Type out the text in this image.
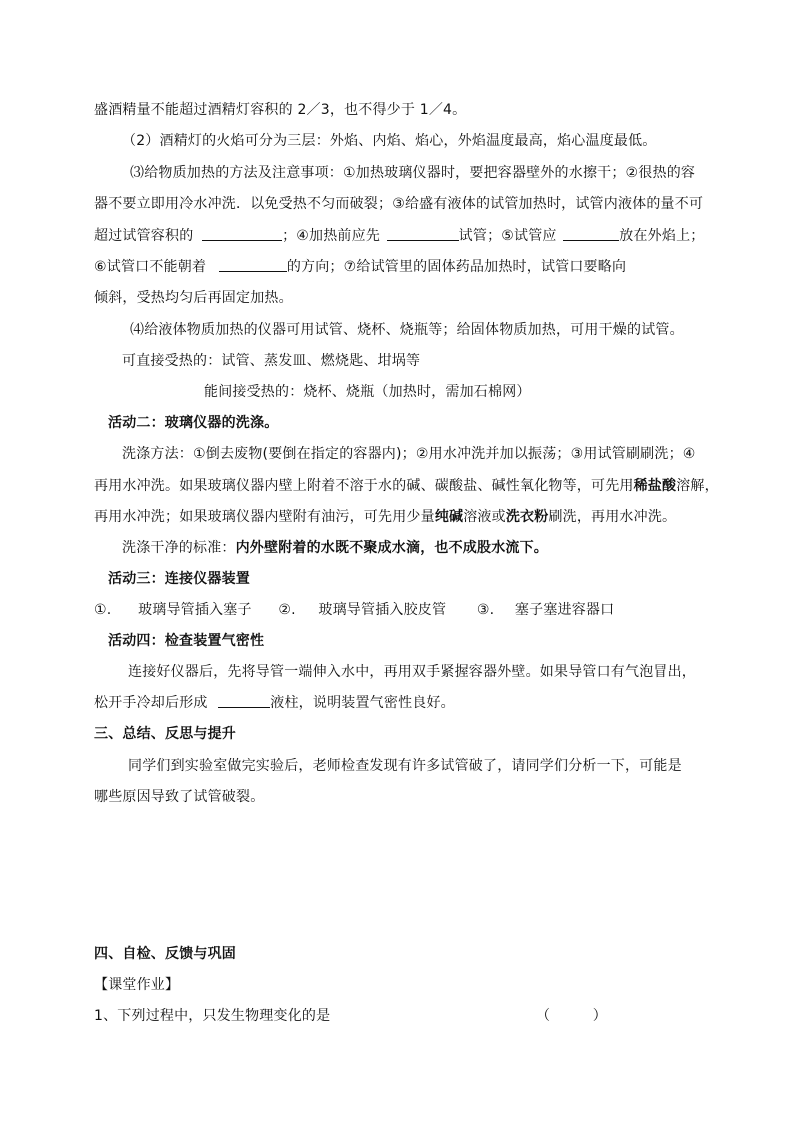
盛酒精量不能超过酒精灯容积的 2／3，也不得少于 1／4。
（2）酒精灯的火焰可分为三层：外焰、内焰、焰心，外焰温度最高，焰心温度最低。
⑶给物质加热的方法及注意事项：①加热玻璃仪器时，要把容器壁外的水擦干；②很热的容
器不要立即用冷水冲洗．以免受热不匀而破裂；③给盛有液体的试管加热时，试管内液体的量不可
超过试管容积的	；④加热前应先	试管；⑤试管应	放在外焰上；
⑥试管口不能朝着	的方向；⑦给试管里的固体药品加热时，试管口要略向
倾斜，受热均匀后再固定加热。
⑷给液体物质加热的仪器可用试管、烧杯、烧瓶等；给固体物质加热，可用干燥的试管。
可直接受热的：试管、蒸发皿、燃烧匙、坩埚等
能间接受热的：烧杯、烧瓶（加热时，需加石棉网）
活动二：玻璃仪器的洗涤。
洗涤方法：①倒去废物(要倒在指定的容器内)；②用水冲洗并加以振荡；③用试管刷刷洗；④
再用水冲洗。如果玻璃仪器内壁上附着不溶于水的碱、碳酸盐、碱性氧化物等，可先用稀盐酸溶解，
再用水冲洗；如果玻璃仪器内壁附有油污，可先用少量纯碱溶液或洗衣粉刷洗，再用水冲洗。
洗涤干净的标准：内外壁附着的水既不聚成水滴，也不成股水流下。
活动三：连接仪器装置
①. 玻璃导管插入塞子 ②. 玻璃导管插入胶皮管 ③. 塞子塞进容器口
活动四：检查装置气密性
连接好仪器后，先将导管一端伸入水中，再用双手紧握容器外壁。如果导管口有气泡冒出，
松开手冷却后形成	液柱，说明装置气密性良好。
三、总结、反思与提升
同学们到实验室做完实验后，老师检查发现有许多试管破了，请同学们分析一下，可能是
哪些原因导致了试管破裂。
四、自检、反馈与巩固
【课堂作业】
1、下列过程中，只发生物理变化的是	（　　　）
